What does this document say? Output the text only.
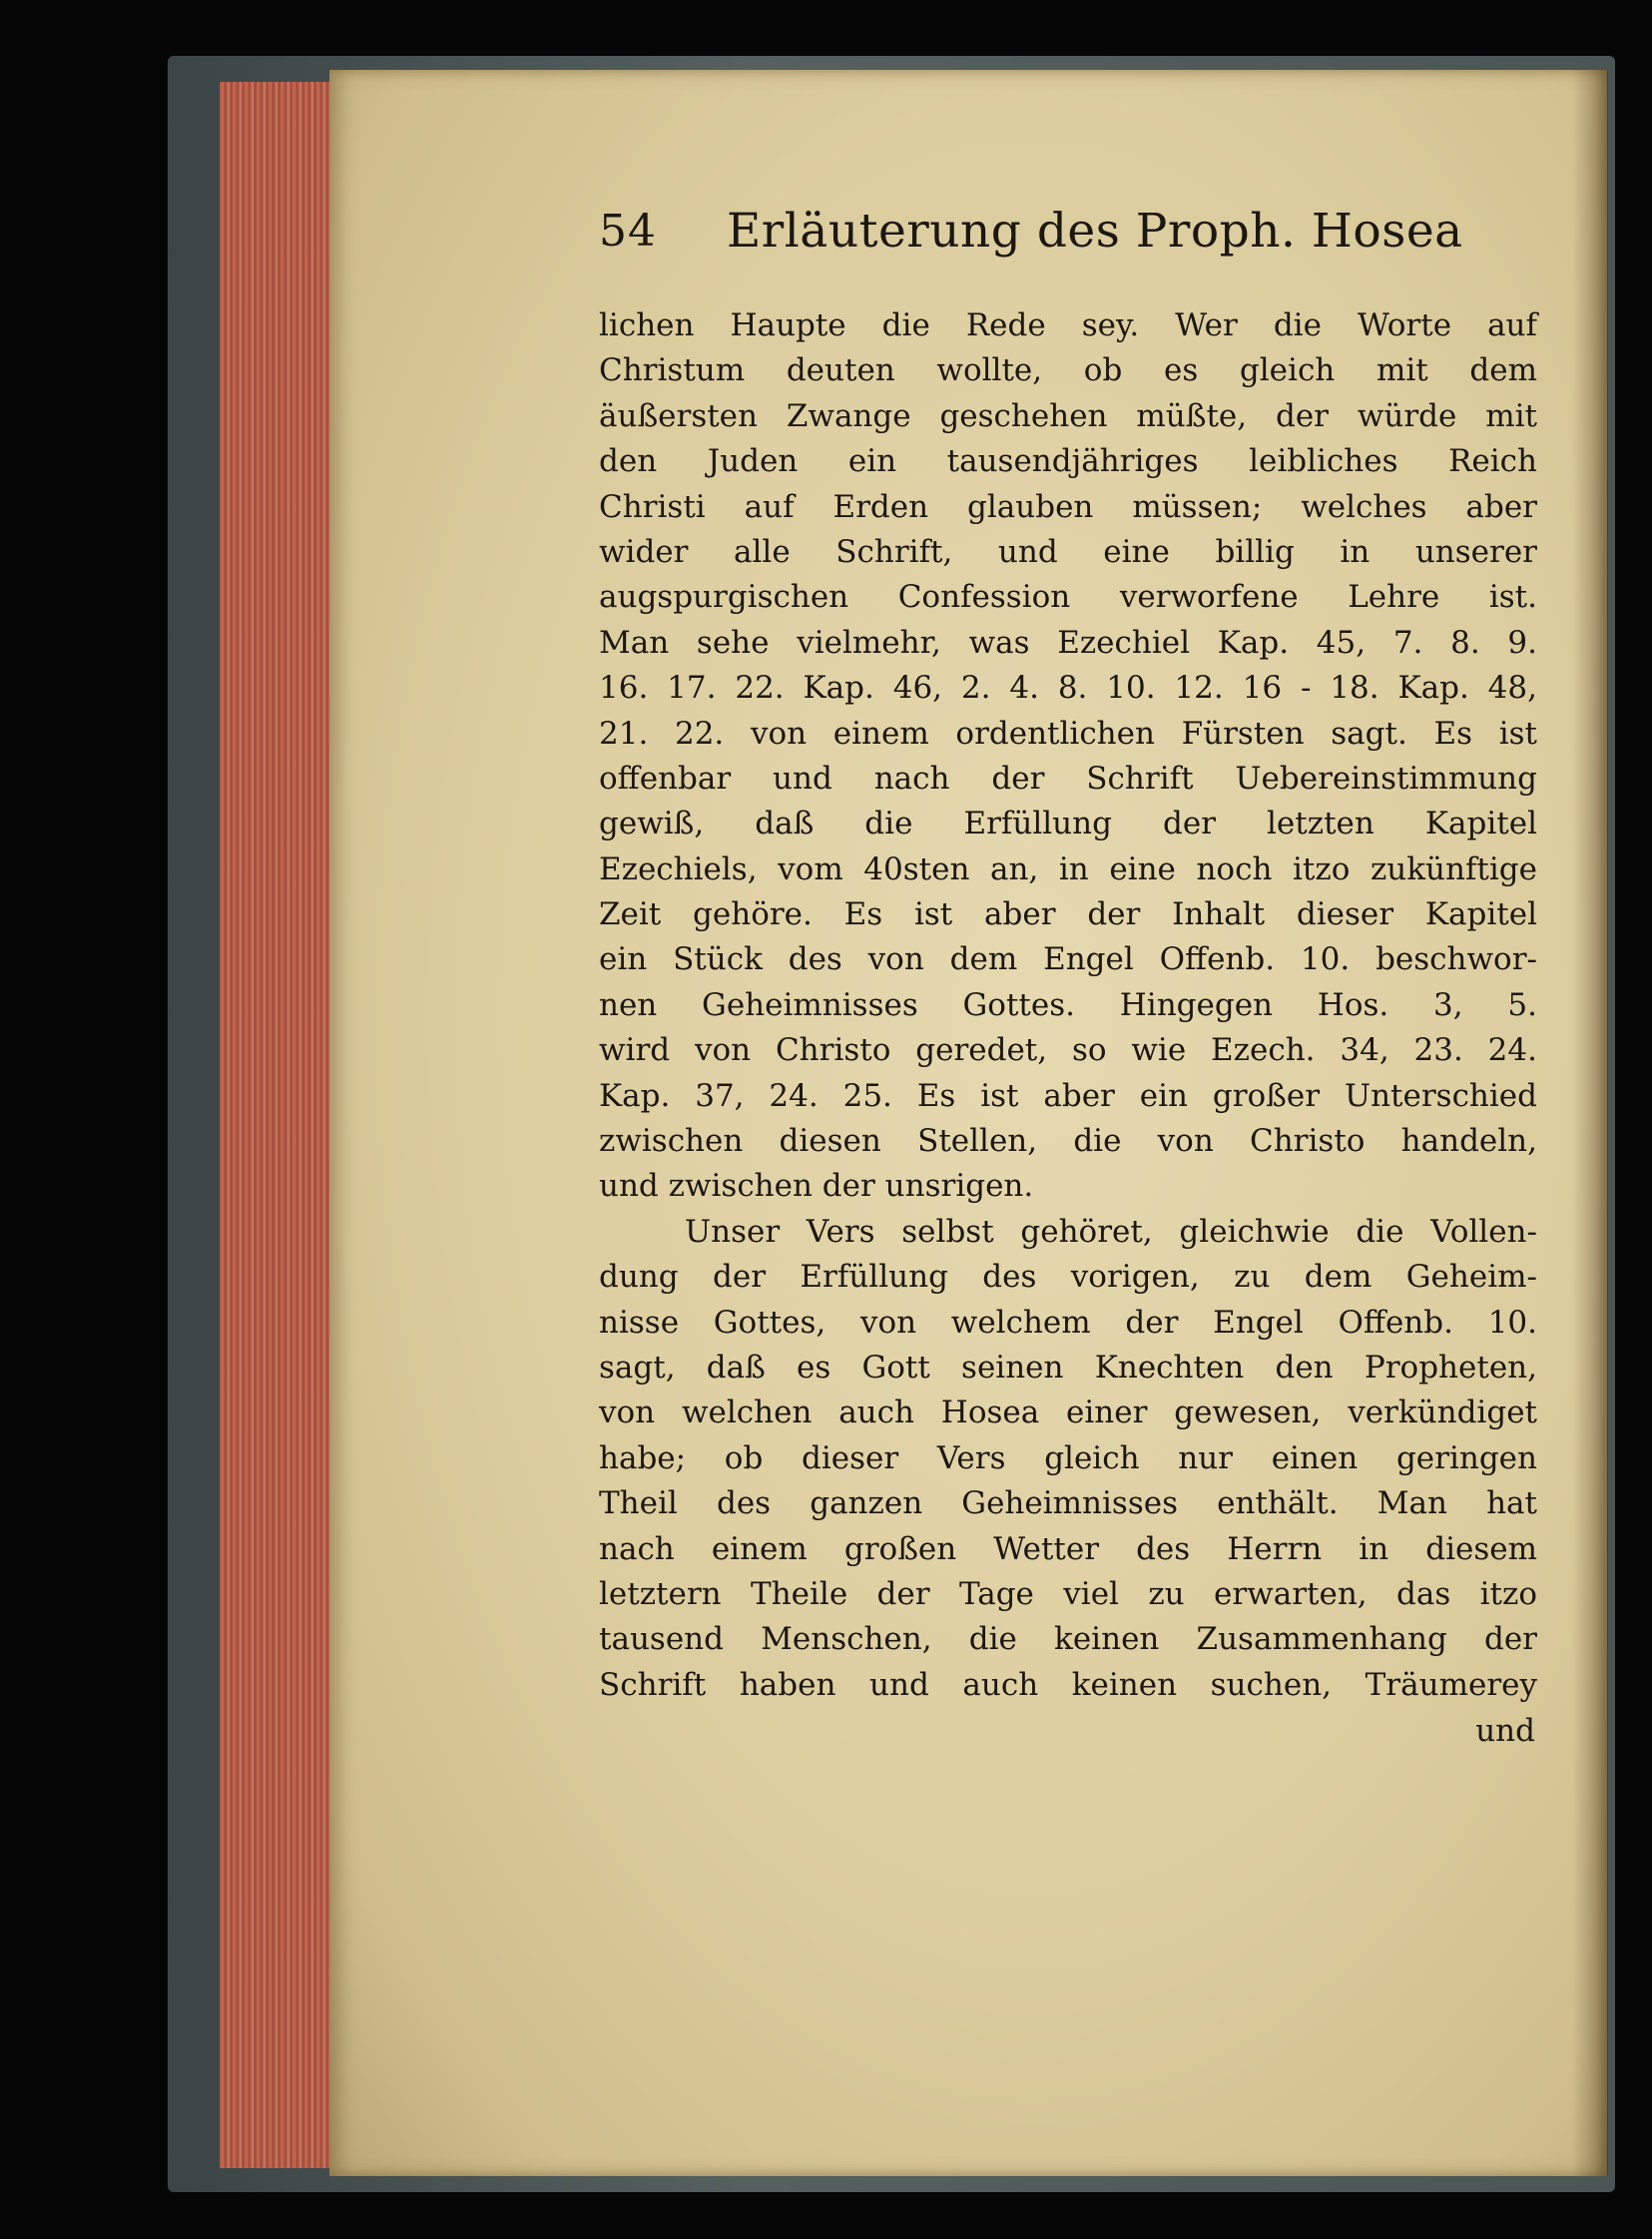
54 Erläuterung des Proph. Hosea
lichen Haupte die Rede sey. Wer die Worte auf
Christum deuten wollte, ob es gleich mit dem
äußersten Zwange geschehen müßte, der würde mit
den Juden ein tausendjähriges leibliches Reich
Christi auf Erden glauben müssen; welches aber
wider alle Schrift, und eine billig in unserer
augspurgischen Confession verworfene Lehre ist.
Man sehe vielmehr, was Ezechiel Kap. 45, 7. 8. 9.
16. 17. 22. Kap. 46, 2. 4. 8. 10. 12. 16 - 18. Kap. 48,
21. 22. von einem ordentlichen Fürsten sagt. Es ist
offenbar und nach der Schrift Uebereinstimmung
gewiß, daß die Erfüllung der letzten Kapitel
Ezechiels, vom 40sten an, in eine noch itzo zukünftige
Zeit gehöre. Es ist aber der Inhalt dieser Kapitel
ein Stück des von dem Engel Offenb. 10. beschwor-
nen Geheimnisses Gottes. Hingegen Hos. 3, 5.
wird von Christo geredet, so wie Ezech. 34, 23. 24.
Kap. 37, 24. 25. Es ist aber ein großer Unterschied
zwischen diesen Stellen, die von Christo handeln,
und zwischen der unsrigen.
Unser Vers selbst gehöret, gleichwie die Vollen-
dung der Erfüllung des vorigen, zu dem Geheim-
nisse Gottes, von welchem der Engel Offenb. 10.
sagt, daß es Gott seinen Knechten den Propheten,
von welchen auch Hosea einer gewesen, verkündiget
habe; ob dieser Vers gleich nur einen geringen
Theil des ganzen Geheimnisses enthält. Man hat
nach einem großen Wetter des Herrn in diesem
letztern Theile der Tage viel zu erwarten, das itzo
tausend Menschen, die keinen Zusammenhang der
Schrift haben und auch keinen suchen, Träumerey
und
